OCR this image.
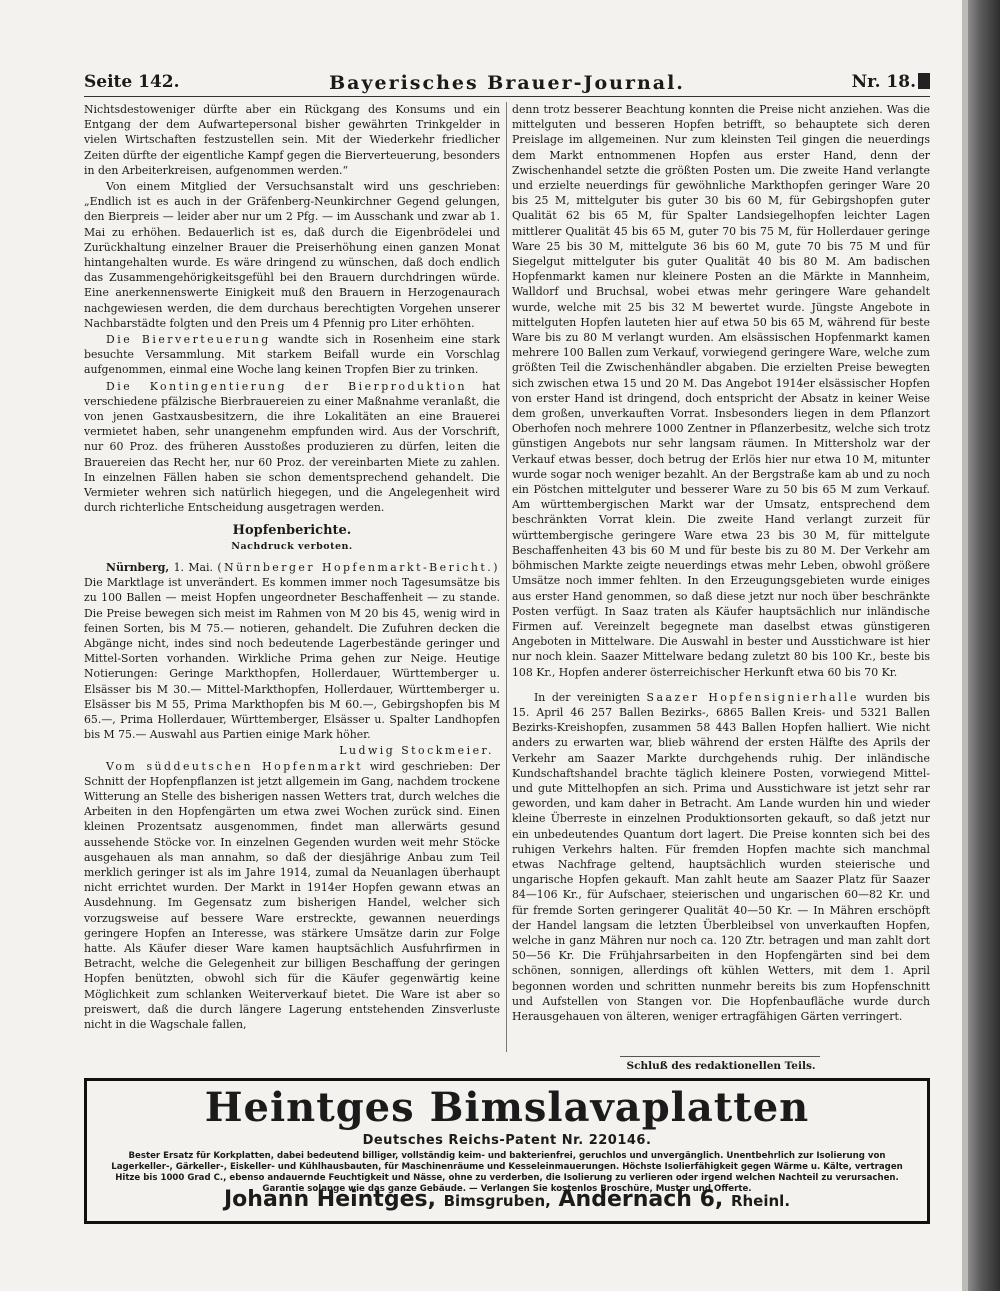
Seite 142.	Bayerisches Brauer-Journal.	Nr. 18.

Nichtsdestoweniger dürfte aber ein Rückgang des Konsums und ein Entgang der dem Aufwartepersonal bisher gewährten Trinkgelder in vielen Wirtschaften festzustellen sein. Mit der Wiederkehr friedlicher Zeiten dürfte der eigentliche Kampf gegen die Biervertеuerung, besonders in den Arbeiterkreisen, aufgenommen werden.“

Von einem Mitglied der Versuchsanstalt wird uns geschrieben: „Endlich ist es auch in der Gräfenberg-Neunkirchner Gegend gelungen, den Bierpreis — leider aber nur um 2 Pfg. — im Ausschank und zwar ab 1. Mai zu erhöhen. Bedauerlich ist es, daß durch die Eigenbrödelei und Zurückhaltung einzelner Brauer die Preiserhöhung einen ganzen Monat hintangehalten wurde. Es wäre dringend zu wünschen, daß doch endlich das Zusammengehörigkeitsgefühl bei den Brauern durchdringen würde. Eine anerkennenswerte Einigkeit muß den Brauern in Herzogenaurach nachgewiesen werden, die dem durchaus berechtigten Vorgehen unserer Nachbarstädte folgten und den Preis um 4 Pfennig pro Liter erhöhten.

Die Bierverteuerung wandte sich in Rosenheim eine stark besuchte Versammlung. Mit starkem Beifall wurde ein Vorschlag aufgenommen, einmal eine Woche lang keinen Tropfen Bier zu trinken.

Die Kontingentierung der Bierproduktion hat verschiedene pfälzische Bierbrauereien zu einer Maßnahme veranlaßt, die von jenen Gastхausbesitzern, die ihre Lokalitäten an eine Brauerei vermietet haben, sehr unangenehm empfunden wird. Aus der Vorschrift, nur 60 Proz. des früheren Ausstoßes produzieren zu dürfen, leiten die Brauereien das Recht her, nur 60 Proz. der vereinbarten Miete zu zahlen. In einzelnen Fällen haben sie schon dementsprechend gehandelt. Die Vermieter wehren sich natürlich hiegegen, und die Angelegenheit wird durch richterliche Entscheidung ausgetragen werden.

Hopfenberichte.
Nachdruck verboten.

Nürnberg, 1. Mai. (Nürnberger Hopfenmarkt-Bericht.) Die Marktlage ist unverändert. Es kommen immer noch Tagesumsätze bis zu 100 Ballen — meist Hopfen ungeordneter Beschaffenheit — zu stande. Die Preise bewegen sich meist im Rahmen von M 20 bis 45, wenig wird in feinen Sorten, bis M 75.— notieren, gehandelt. Die Zufuhren decken die Abgänge nicht, indes sind noch bedeutende Lagerbestände geringer und Mittel-Sorten vorhanden. Wirkliche Prima gehen zur Neige. Heutige Notierungen: Geringe Markthopfen, Hollerdauer, Württemberger u. Elsässer bis M 30.— Mittel-Markthopfen, Hollerdauer, Württemberger u. Elsässer bis M 55, Prima Markthopfen bis M 60.—, Gebirgshopfen bis M 65.—, Prima Hollerdauer, Württemberger, Elsässer u. Spalter Landhopfen bis M 75.— Auswahl aus Partien einige Mark höher.

Ludwig Stockmeier.

Vom süddeutschen Hopfenmarkt wird geschrieben: Der Schnitt der Hopfenpflanzen ist jetzt allgemein im Gang, nachdem trockene Witterung an Stelle des bisherigen nassen Wetters trat, durch welches die Arbeiten in den Hopfengärten um etwa zwei Wochen zurück sind. Einen kleinen Prozentsatz ausgenommen, findet man allerwärts gesund aussehende Stöcke vor. In einzelnen Gegenden wurden weit mehr Stöcke ausgehauen als man annahm, so daß der diesjährige Anbau zum Teil merklich geringer ist als im Jahre 1914, zumal da Neuanlagen überhaupt nicht errichtet wurden. Der Markt in 1914er Hopfen gewann etwas an Ausdehnung. Im Gegensatz zum bisherigen Handel, welcher sich vorzugsweise auf bessere Ware erstreckte, gewannen neuerdings geringere Hopfen an Interesse, was stärkere Umsätze darin zur Folge hatte. Als Käufer dieser Ware kamen hauptsächlich Ausfuhrfirmen in Betracht, welche die Gelegenheit zur billigen Beschaffung der geringen Hopfen benützten, obwohl sich für die Käufer gegenwärtig keine Möglichkeit zum schlanken Weiterverkauf bietet. Die Ware ist aber so preiswert, daß die durch längere Lagerung entstehenden Zinsverluste nicht in die Wagschale fallen,

denn trotz besserer Beachtung konnten die Preise nicht anziehen. Was die mittelguten und besseren Hopfen betrifft, so behauptete sich deren Preislage im allgemeinen. Nur zum kleinsten Teil gingen die neuerdings dem Markt entnommenen Hopfen aus erster Hand, denn der Zwischenhandel setzte die größten Posten um. Die zweite Hand verlangte und erzielte neuerdings für gewöhnliche Markthopfen geringer Ware 20 bis 25 M, mittelguter bis guter 30 bis 60 M, für Gebirgshopfen guter Qualität 62 bis 65 M, für Spalter Landsiegelhopfen leichter Lagen mittlerer Qualität 45 bis 65 M, guter 70 bis 75 M, für Hollerdauer geringe Ware 25 bis 30 M, mittelgute 36 bis 60 M, gute 70 bis 75 M und für Siegelgut mittelguter bis guter Qualität 40 bis 80 M. Am badischen Hopfenmarkt kamen nur kleinere Posten an die Märkte in Mannheim, Walldorf und Bruchsal, wobei etwas mehr geringere Ware gehandelt wurde, welche mit 25 bis 32 M bewertet wurde. Jüngste Angebote in mittelguten Hopfen lauteten hier auf etwa 50 bis 65 M, während für beste Ware bis zu 80 M verlangt wurden. Am elsässischen Hopfenmarkt kamen mehrere 100 Ballen zum Verkauf, vorwiegend geringere Ware, welche zum größten Teil die Zwischenhändler abgaben. Die erzielten Preise bewegten sich zwischen etwa 15 und 20 M. Das Angebot 1914er elsässischer Hopfen von erster Hand ist dringend, doch entspricht der Absatz in keiner Weise dem großen, unverkauften Vorrat. Insbesonders liegen in dem Pflanzort Oberhofen noch mehrere 1000 Zentner in Pflanzerbesitz, welche sich trotz günstigen Angebots nur sehr langsam räumen. In Mittersholz war der Verkauf etwas besser, doch betrug der Erlös hier nur etwa 10 M, mitunter wurde sogar noch weniger bezahlt. An der Bergstraße kam ab und zu noch ein Pöstchen mittelguter und besserer Ware zu 50 bis 65 M zum Verkauf. Am württembergischen Markt war der Umsatz, entsprechend dem beschränkten Vorrat klein. Die zweite Hand verlangt zurzeit für württembergische geringere Ware etwa 23 bis 30 M, für mittelgute Beschaffenheiten 43 bis 60 M und für beste bis zu 80 M. Der Verkehr am böhmischen Markte zeigte neuerdings etwas mehr Leben, obwohl größere Umsätze noch immer fehlten. In den Erzeugungsgebieten wurde einiges aus erster Hand genommen, so daß diese jetzt nur noch über beschränkte Posten verfügt. In Saaz traten als Käufer hauptsächlich nur inländische Firmen auf. Vereinzelt begegnete man daselbst etwas günstigeren Angeboten in Mittelware. Die Auswahl in bester und Ausstichware ist hier nur noch klein. Saazer Mittelware bedang zuletzt 80 bis 100 Kr., beste bis 108 Kr., Hopfen anderer österreichischer Herkunft etwa 60 bis 70 Kr.

In der vereinigten Saazer Hopfensignierhalle wurden bis 15. April 46 257 Ballen Bezirks-, 6865 Ballen Kreis- und 5321 Ballen Bezirks-Kreishopfen, zusammen 58 443 Ballen Hopfen halliert. Wie nicht anders zu erwarten war, blieb während der ersten Hälfte des Aprils der Verkehr am Saazer Markte durchgehends ruhig. Der inländische Kundschaftshandel brachte täglich kleinere Posten, vorwiegend Mittel- und gute Mittelhopfen an sich. Prima und Ausstichware ist jetzt sehr rar geworden, und kam daher in Betracht. Am Lande wurden hin und wieder kleine Überreste in einzelnen Produktionsorten gekauft, so daß jetzt nur ein unbedeutendes Quantum dort lagert. Die Preise konnten sich bei des ruhigen Verkehrs halten. Für fremden Hopfen machte sich manchmal etwas Nachfrage geltend, hauptsächlich wurden steierische und ungarische Hopfen gekauft. Man zahlt heute am Saazer Platz für Saazer 84—106 Kr., für Aufschaer, steierischen und ungarischen 60—82 Kr. und für fremde Sorten geringerer Qualität 40—50 Kr. — In Mähren erschöpft der Handel langsam die letzten Überbleibsel von unverkauften Hopfen, welche in ganz Mähren nur noch ca. 120 Ztr. betragen und man zahlt dort 50—56 Kr. Die Frühjahrsarbeiten in den Hopfengärten sind bei dem schönen, sonnigen, allerdings oft kühlen Wetters, mit dem 1. April begonnen worden und schritten nunmehr bereits bis zum Hopfenschnitt und Aufstellen von Stangen vor. Die Hopfenbaufläche wurde durch Herausgehauen von älteren, weniger ertragfähigen Gärten verringert.

Schluß des redaktionellen Teils.
Heintges Bimslavaplatten
Deutsches Reichs-Patent Nr. 220146.
Bester Ersatz für Korkplatten, dabei bedeutend billiger, vollständig keim- und bakterienfrei, geruchlos und unvergänglich. Unentbehrlich zur Isolierung von Lagerkeller-, Gärkeller-, Eiskeller- und Kühlhausbauten, für Maschinenräume und Kesseleinmauerungen. Höchste Isolierfähigkeit gegen Wärme u. Kälte, vertragen Hitze bis 1000 Grad C., ebenso andauernde Feuchtigkeit und Nässe, ohne zu verderben, die Isolierung zu verlieren oder irgend welchen Nachteil zu verursachen. Garantie solange wie das ganze Gebäude. — Verlangen Sie kostenlos Broschüre, Muster und Offerte.
Johann Heintges, Bimsgruben, Andernach 6, Rheinl.
